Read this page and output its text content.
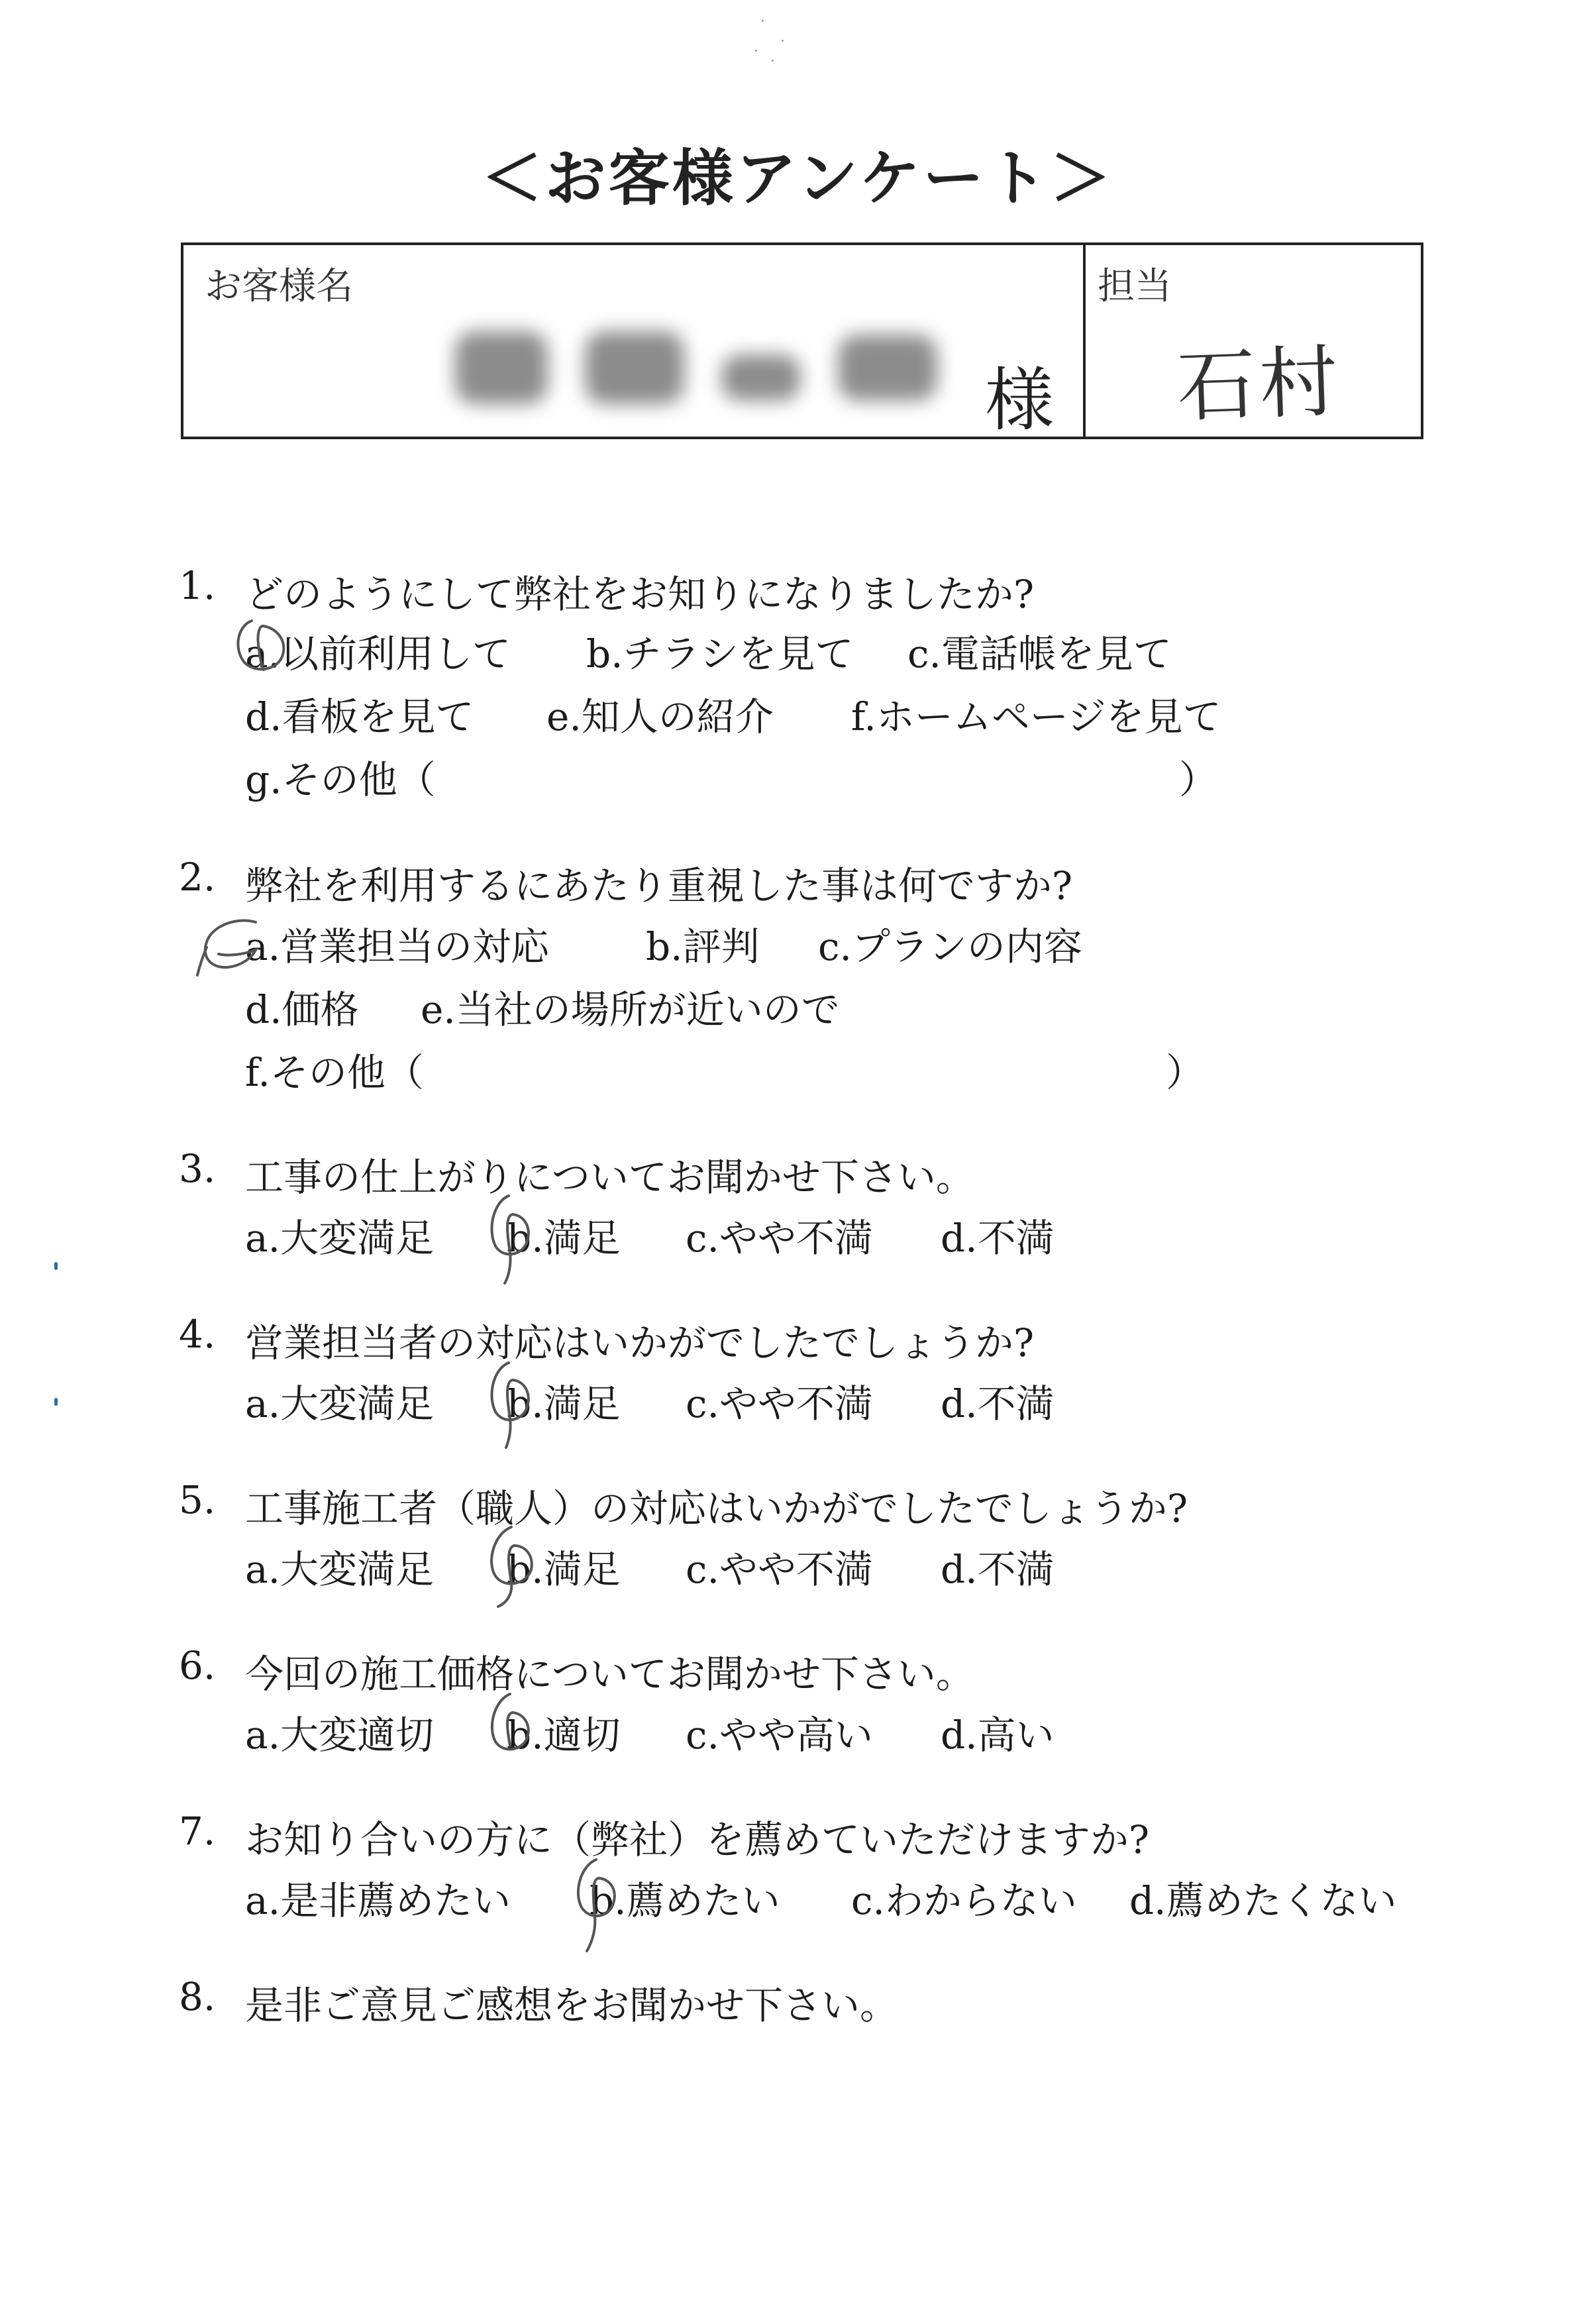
＜お客様アンケート＞
お客様名
様
担当
石村
1. どのようにして弊社をお知りになりましたか?
a.以前利用して b.チラシを見て c.電話帳を見て
d.看板を見て e.知人の紹介 f.ホームページを見て
g.その他（	）
2. 弊社を利用するにあたり重視した事は何ですか?
a.営業担当の対応	b.評判 c.プランの内容
d.価格 e.当社の場所が近いので
f.その他（	）
3. 工事の仕上がりについてお聞かせ下さい。
a.大変満足 b.満足 c.やや不満 d.不満
4. 営業担当者の対応はいかがでしたでしょうか?
a.大変満足 b.満足 c.やや不満 d.不満
5. 工事施工者（職人）の対応はいかがでしたでしょうか?
a.大変満足 b.満足 c.やや不満 d.不満
6. 今回の施工価格についてお聞かせ下さい。
a.大変適切 b.適切 c.やや高い d.高い
7. お知り合いの方に（弊社）を薦めていただけますか?
a.是非薦めたい b.薦めたい c.わからない d.薦めたくない
8. 是非ご意見ご感想をお聞かせ下さい。
